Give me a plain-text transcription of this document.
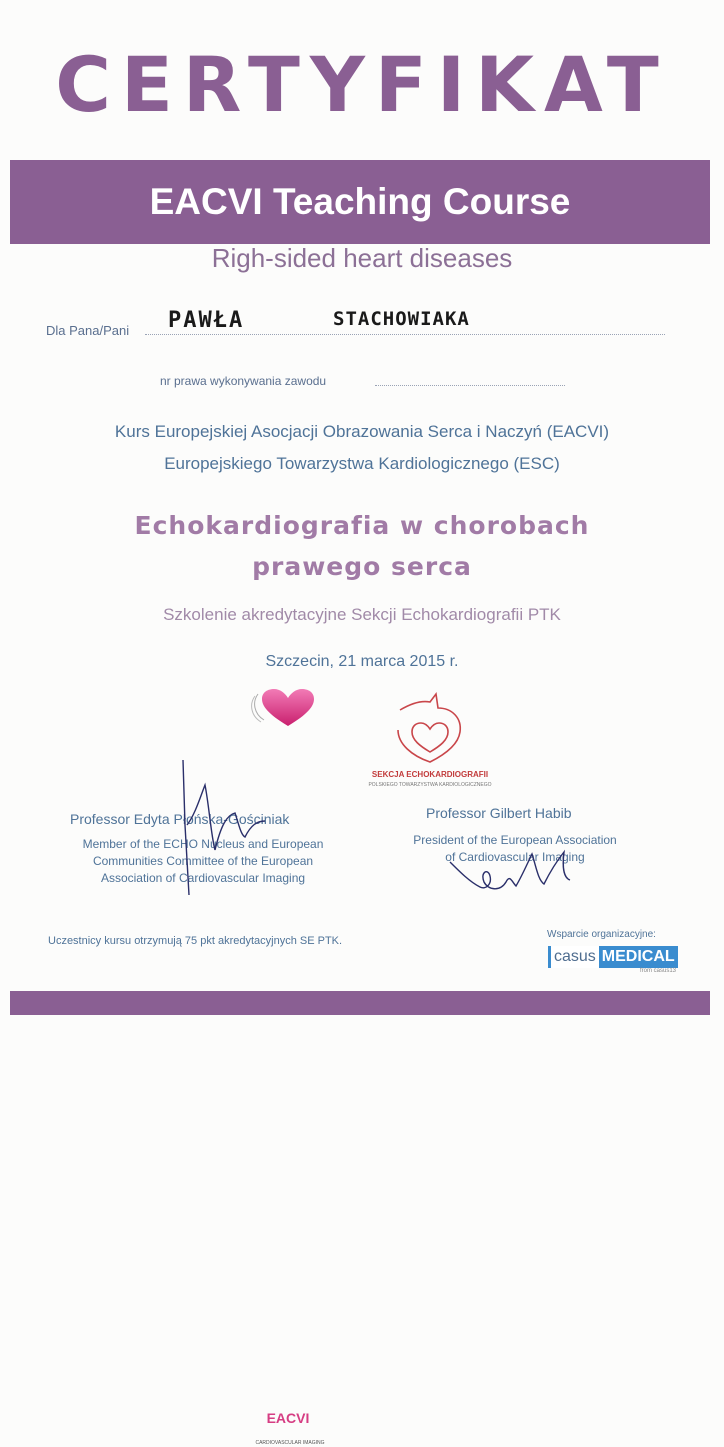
CERTYFIKAT
EACVI Teaching Course
Righ-sided heart diseases
Dla Pana/Pani PAWŁA	STACHOWIAKA
nr prawa wykonywania zawodu
Kurs Europejskiej Asocjacji Obrazowania Serca i Naczyń (EACVI)
Europejskiego Towarzystwa Kardiologicznego (ESC)
Echokardiografia w chorobach
prawego serca
Szkolenie akredytacyjne Sekcji Echokardiografii PTK
Szczecin, 21 marca 2015 r.
EACVI
CARDIOVASCULAR IMAGING
SEKCJA ECHOKARDIOGRAFII
POLSKIEGO TOWARZYSTWA KARDIOLOGICZNEGO
Professor Edyta Płońska-Gościniak
Member of the ECHO Nucleus and European
Communities Committee of the European
Association of Cardiovascular Imaging
Professor Gilbert Habib
President of the European Association
of Cardiovascular Imaging
Uczestnicy kursu otrzymują 75 pkt akredytacyjnych SE PTK.
Wsparcie organizacyjne:
casus MEDICAL
from casus13
